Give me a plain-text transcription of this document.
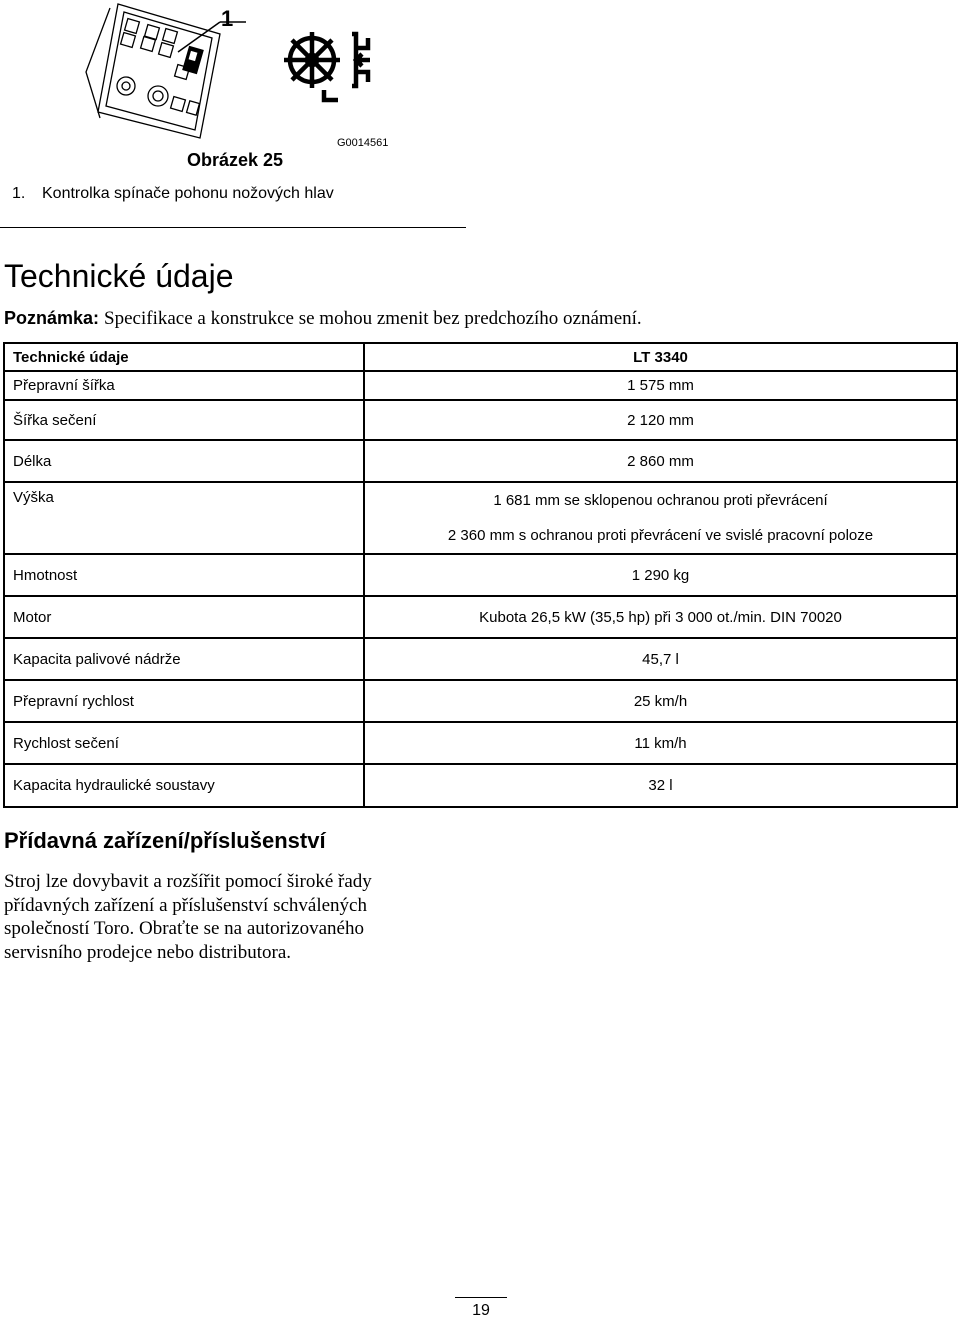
1
G0014561
Obrázek 25
1. Kontrolka spínače pohonu nožových hlav
Technické údaje
Poznámka: Specifikace a konstrukce se mohou zmenit bez predchozího oznámení.
Technické údaje	LT 3340
Přepravní šířka	1 575 mm
Šířka sečení	2 120 mm
Délka	2 860 mm
Výška	1 681 mm se sklopenou ochranou proti převrácení
2 360 mm s ochranou proti převrácení ve svislé pracovní poloze

Hmotnost	1 290 kg
Motor	Kubota 26,5 kW (35,5 hp) při 3 000 ot./min. DIN 70020
Kapacita palivové nádrže	45,7 l
Přepravní rychlost	25 km/h
Rychlost sečení	11 km/h
Kapacita hydraulické soustavy	32 l
Přídavná zařízení/příslušenství

Stroj lze dovybavit a rozšířit pomocí široké řady přídavných zařízení a příslušenství schválených společností Toro. Obraťte se na autorizovaného servisního prodejce nebo distributora.

19
